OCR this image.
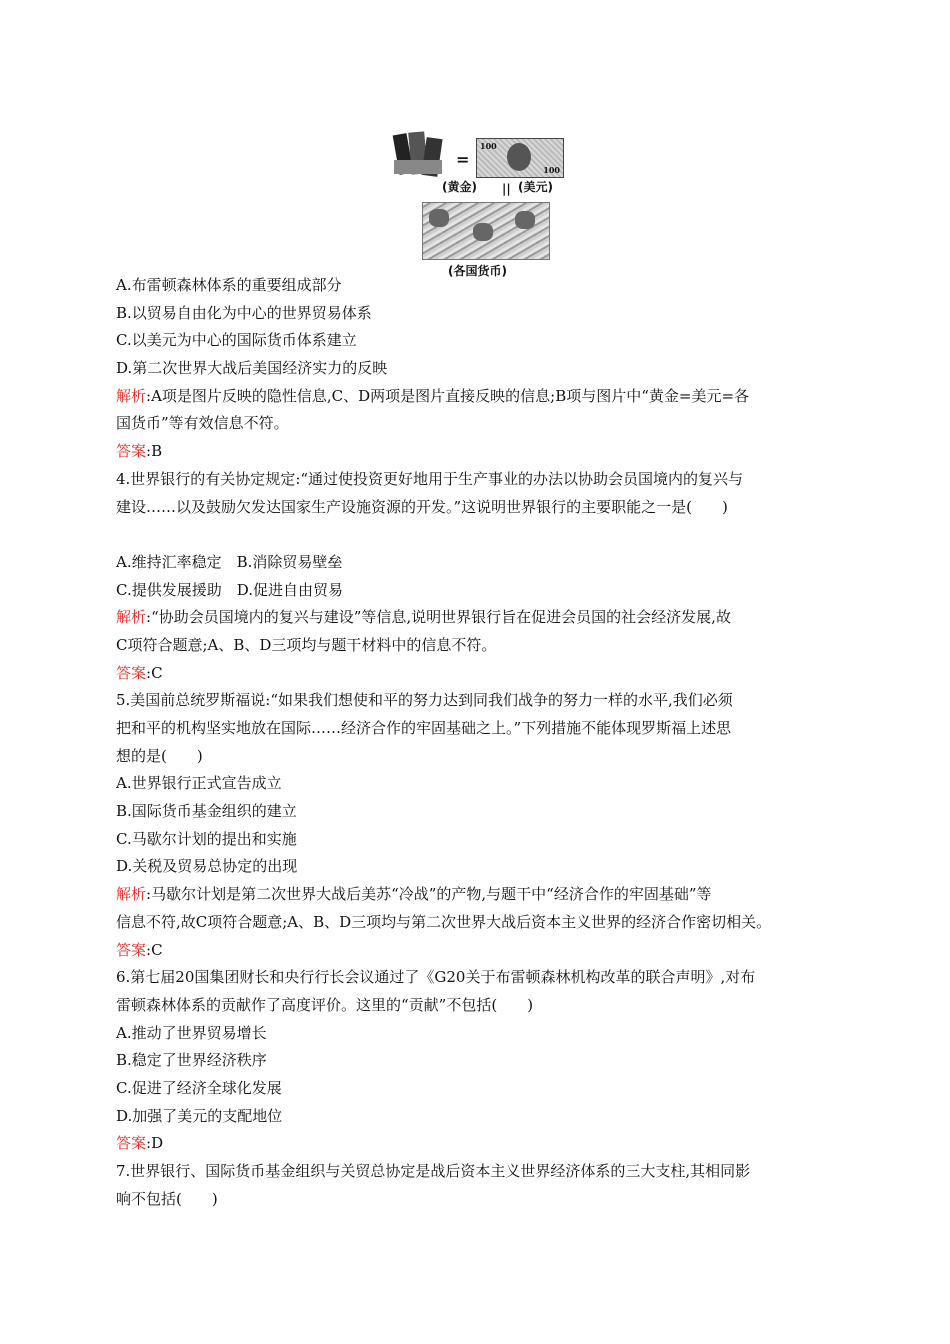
=
100
100
(黄金) || (美元)
(各国货币)
A.布雷顿森林体系的重要组成部分
B.以贸易自由化为中心的世界贸易体系
C.以美元为中心的国际货币体系建立
D.第二次世界大战后美国经济实力的反映
解析:A项是图片反映的隐性信息,C、D两项是图片直接反映的信息;B项与图片中“黄金=美元=各
国货币”等有效信息不符。
答案:B
4.世界银行的有关协定规定:“通过使投资更好地用于生产事业的办法以协助会员国境内的复兴与
建设……以及鼓励欠发达国家生产设施资源的开发。”这说明世界银行的主要职能之一是(　　)
A.维持汇率稳定　B.消除贸易壁垒
C.提供发展援助　D.促进自由贸易
解析:“协助会员国境内的复兴与建设”等信息,说明世界银行旨在促进会员国的社会经济发展,故
C项符合题意;A、B、D三项均与题干材料中的信息不符。
答案:C
5.美国前总统罗斯福说:“如果我们想使和平的努力达到同我们战争的努力一样的水平,我们必须
把和平的机构坚实地放在国际……经济合作的牢固基础之上。”下列措施不能体现罗斯福上述思
想的是(　　)
A.世界银行正式宣告成立
B.国际货币基金组织的建立
C.马歇尔计划的提出和实施
D.关税及贸易总协定的出现
解析:马歇尔计划是第二次世界大战后美苏“冷战”的产物,与题干中“经济合作的牢固基础”等
信息不符,故C项符合题意;A、B、D三项均与第二次世界大战后资本主义世界的经济合作密切相关。
答案:C
6.第七届20国集团财长和央行行长会议通过了《G20关于布雷顿森林机构改革的联合声明》,对布
雷顿森林体系的贡献作了高度评价。这里的“贡献”不包括(　　)
A.推动了世界贸易增长
B.稳定了世界经济秩序
C.促进了经济全球化发展
D.加强了美元的支配地位
答案:D
7.世界银行、国际货币基金组织与关贸总协定是战后资本主义世界经济体系的三大支柱,其相同影
响不包括(　　)
